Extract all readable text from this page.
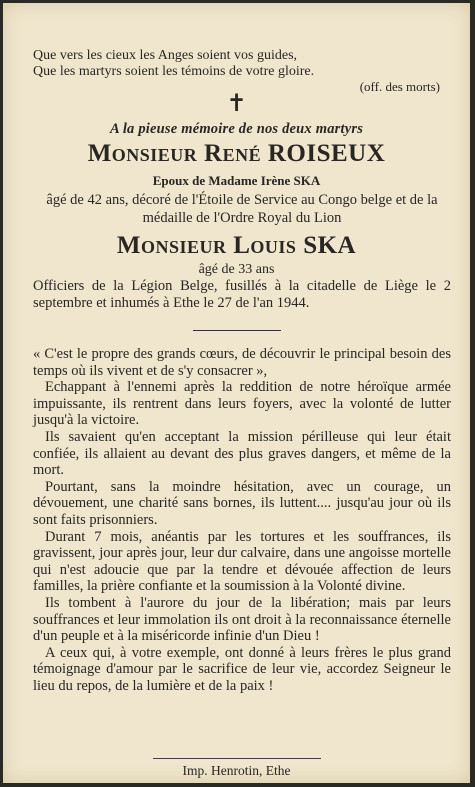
Que vers les cieux les Anges soient vos guides,
Que les martyrs soient les témoins de votre gloire.
(off. des morts)
✝
A la pieuse mémoire de nos deux martyrs
Monsieur René ROISEUX
Epoux de Madame Irène SKA
âgé de 42 ans, décoré de l'Étoile de Service au Congo belge et de la médaille de l'Ordre Royal du Lion
Monsieur Louis SKA
âgé de 33 ans
Officiers de la Légion Belge, fusillés à la citadelle de Liège le 2 septembre et inhumés à Ethe le 27 de l'an 1944.

« C'est le propre des grands cœurs, de découvrir le principal besoin des temps où ils vivent et de s'y consacrer »,

Echappant à l'ennemi après la reddition de notre héroïque armée impuissante, ils rentrent dans leurs foyers, avec la volonté de lutter jusqu'à la victoire.

Ils savaient qu'en acceptant la mission périlleuse qui leur était confiée, ils allaient au devant des plus graves dangers, et même de la mort.

Pourtant, sans la moindre hésitation, avec un courage, un dévouement, une charité sans bornes, ils luttent.... jusqu'au jour où ils sont faits prisonniers.

Durant 7 mois, anéantis par les tortures et les souffrances, ils gravissent, jour après jour, leur dur calvaire, dans une angoisse mortelle qui n'est adoucie que par la tendre et dévouée affection de leurs familles, la prière confiante et la soumission à la Volonté divine.

Ils tombent à l'aurore du jour de la libération; mais par leurs souffrances et leur immolation ils ont droit à la reconnaissance éternelle d'un peuple et à la miséricorde infinie d'un Dieu !

A ceux qui, à votre exemple, ont donné à leurs frères le plus grand témoignage d'amour par le sacrifice de leur vie, accordez Seigneur le lieu du repos, de la lumière et de la paix !

Imp. Henrotin, Ethe
